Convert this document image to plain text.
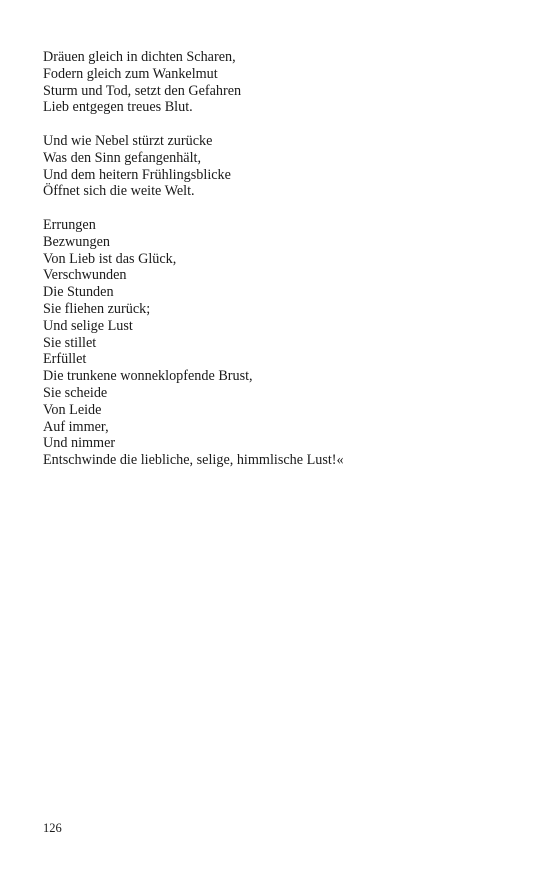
Dräuen gleich in dichten Scharen,
Fodern gleich zum Wankelmut
Sturm und Tod, setzt den Gefahren
Lieb entgegen treues Blut.
Und wie Nebel stürzt zurücke
Was den Sinn gefangenhält,
Und dem heitern Frühlingsblicke
Öffnet sich die weite Welt.
Errungen
Bezwungen
Von Lieb ist das Glück,
Verschwunden
Die Stunden
Sie fliehen zurück;
Und selige Lust
Sie stillet
Erfüllet
Die trunkene wonneklopfende Brust,
Sie scheide
Von Leide
Auf immer,
Und nimmer
Entschwinde die liebliche, selige, himmlische Lust!«
126
